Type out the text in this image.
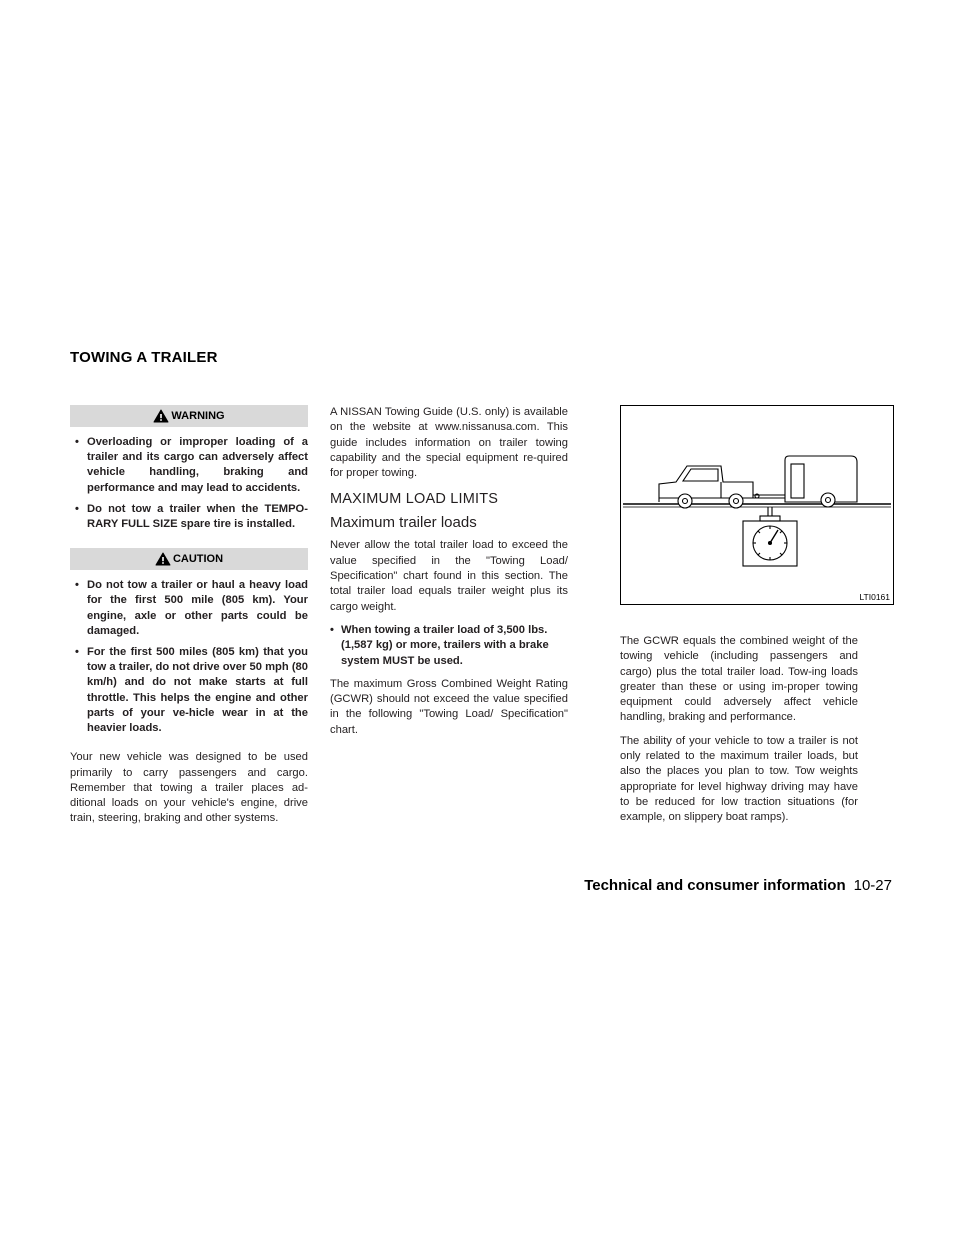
TOWING A TRAILER
WARNING
• Overloading or improper loading of a trailer and its cargo can adversely affect vehicle handling, braking and performance and may lead to accidents.
• Do not tow a trailer when the TEMPO-RARY FULL SIZE spare tire is installed.
CAUTION
• Do not tow a trailer or haul a heavy load for the first 500 mile (805 km). Your engine, axle or other parts could be damaged.
• For the first 500 miles (805 km) that you tow a trailer, do not drive over 50 mph (80 km/h) and do not make starts at full throttle. This helps the engine and other parts of your ve-hicle wear in at the heavier loads.

Your new vehicle was designed to be used primarily to carry passengers and cargo. Remember that towing a trailer places ad-ditional loads on your vehicle's engine, drive train, steering, braking and other systems.

A NISSAN Towing Guide (U.S. only) is available on the website at www.nissanusa.com. This guide includes information on trailer towing capability and the special equipment re-quired for proper towing.

MAXIMUM LOAD LIMITS
Maximum trailer loads

Never allow the total trailer load to exceed the value specified in the "Towing Load/ Specification" chart found in this section. The total trailer load equals trailer weight plus its cargo weight.

• When towing a trailer load of 3,500 lbs. (1,587 kg) or more, trailers with a brake system MUST be used.

The maximum Gross Combined Weight Rating (GCWR) should not exceed the value specified in the following "Towing Load/ Specification" chart.

LTI0161

The GCWR equals the combined weight of the towing vehicle (including passengers and cargo) plus the total trailer load. Tow-ing loads greater than these or using im-proper towing equipment could adversely affect vehicle handling, braking and performance.

The ability of your vehicle to tow a trailer is not only related to the maximum trailer loads, but also the places you plan to tow. Tow weights appropriate for level highway driving may have to be reduced for low traction situations (for example, on slippery boat ramps).

Technical and consumer information 10-27
